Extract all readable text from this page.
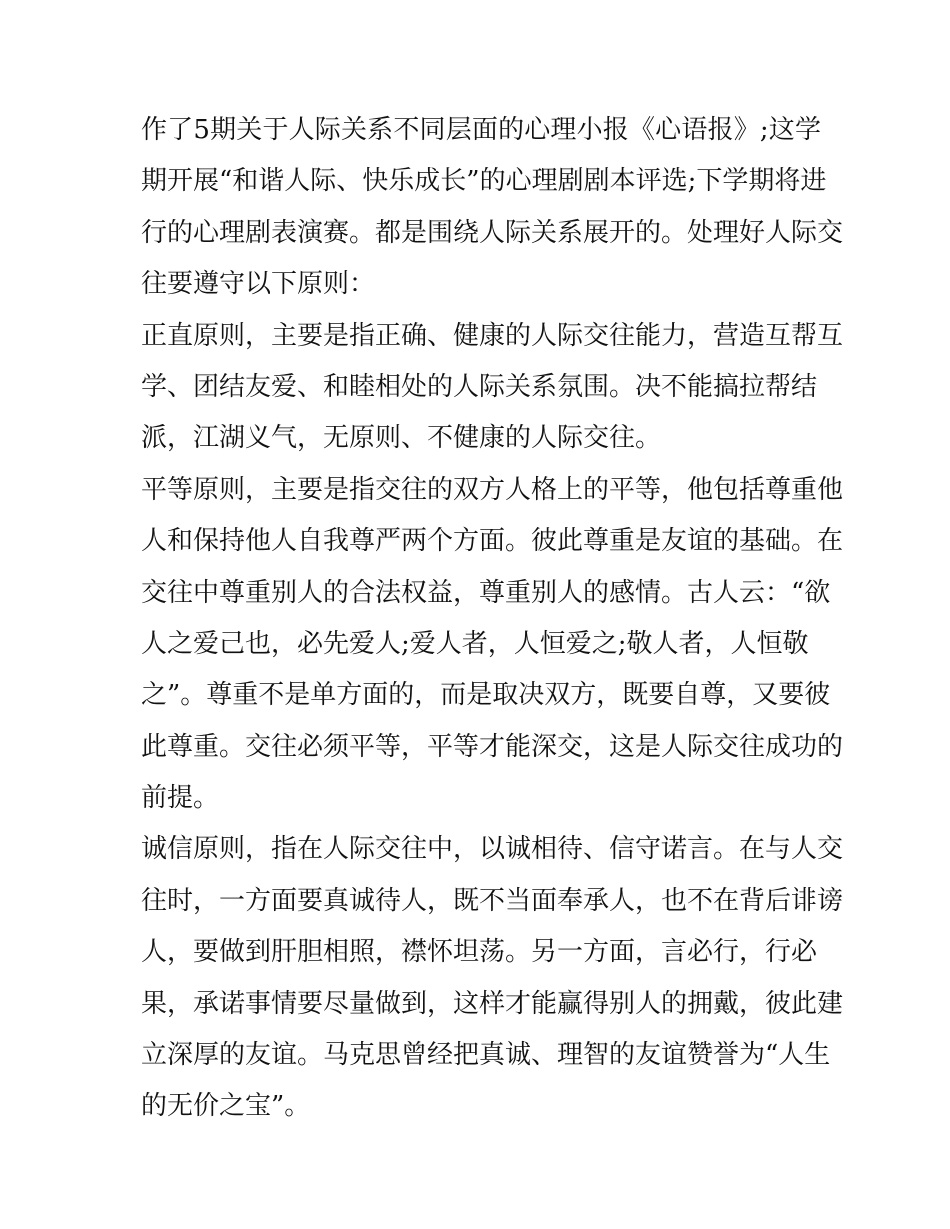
作了5期关于人际关系不同层面的心理小报《心语报》;这学
期开展“和谐人际、快乐成长”的心理剧剧本评选;下学期将进
行的心理剧表演赛。都是围绕人际关系展开的。处理好人际交
往要遵守以下原则：
正直原则，主要是指正确、健康的人际交往能力，营造互帮互
学、团结友爱、和睦相处的人际关系氛围。决不能搞拉帮结
派，江湖义气，无原则、不健康的人际交往。
平等原则，主要是指交往的双方人格上的平等，他包括尊重他
人和保持他人自我尊严两个方面。彼此尊重是友谊的基础。在
交往中尊重别人的合法权益，尊重别人的感情。古人云：“欲
人之爱己也，必先爱人;爱人者，人恒爱之;敬人者，人恒敬
之”。尊重不是单方面的，而是取决双方，既要自尊，又要彼
此尊重。交往必须平等，平等才能深交，这是人际交往成功的
前提。
诚信原则，指在人际交往中，以诚相待、信守诺言。在与人交
往时，一方面要真诚待人，既不当面奉承人，也不在背后诽谤
人，要做到肝胆相照，襟怀坦荡。另一方面，言必行，行必
果，承诺事情要尽量做到，这样才能赢得别人的拥戴，彼此建
立深厚的友谊。马克思曾经把真诚、理智的友谊赞誉为“人生
的无价之宝”。
